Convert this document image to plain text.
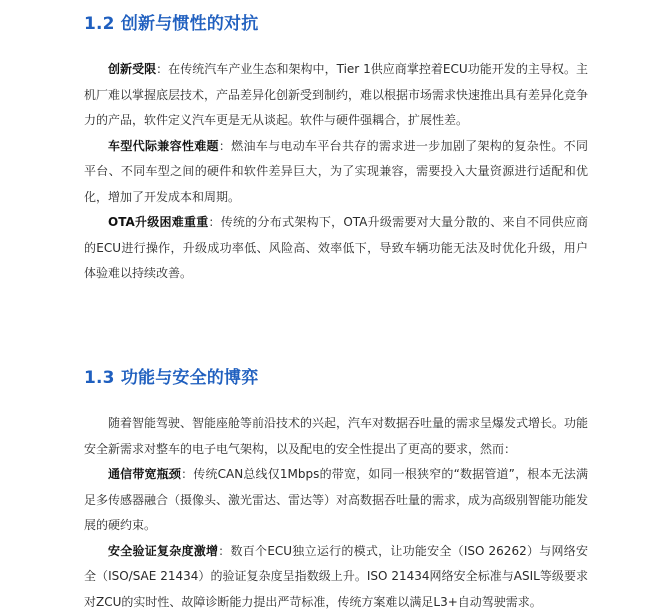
1.2 创新与惯性的对抗

创新受限：在传统汽车产业生态和架构中，Tier 1供应商掌控着ECU功能开发的主导权。主机厂难以掌握底层技术，产品差异化创新受到制约，难以根据市场需求快速推出具有差异化竞争力的产品，软件定义汽车更是无从谈起。软件与硬件强耦合，扩展性差。

车型代际兼容性难题：燃油车与电动车平台共存的需求进一步加剧了架构的复杂性。不同平台、不同车型之间的硬件和软件差异巨大，为了实现兼容，需要投入大量资源进行适配和优化，增加了开发成本和周期。

OTA升级困难重重：传统的分布式架构下，OTA升级需要对大量分散的、来自不同供应商的ECU进行操作，升级成功率低、风险高、效率低下，导致车辆功能无法及时优化升级，用户体验难以持续改善。

1.3 功能与安全的博弈

随着智能驾驶、智能座舱等前沿技术的兴起，汽车对数据吞吐量的需求呈爆发式增长。功能安全新需求对整车的电子电气架构，以及配电的安全性提出了更高的要求，然而：

通信带宽瓶颈：传统CAN总线仅1Mbps的带宽，如同一根狭窄的“数据管道”，根本无法满足多传感器融合（摄像头、激光雷达、雷达等）对高数据吞吐量的需求，成为高级别智能功能发展的硬约束。

安全验证复杂度激增：数百个ECU独立运行的模式，让功能安全（ISO 26262）与网络安全（ISO/SAE 21434）的验证复杂度呈指数级上升。ISO 21434网络安全标准与ASIL等级要求对ZCU的实时性、故障诊断能力提出严苛标准，传统方案难以满足L3+自动驾驶需求。
